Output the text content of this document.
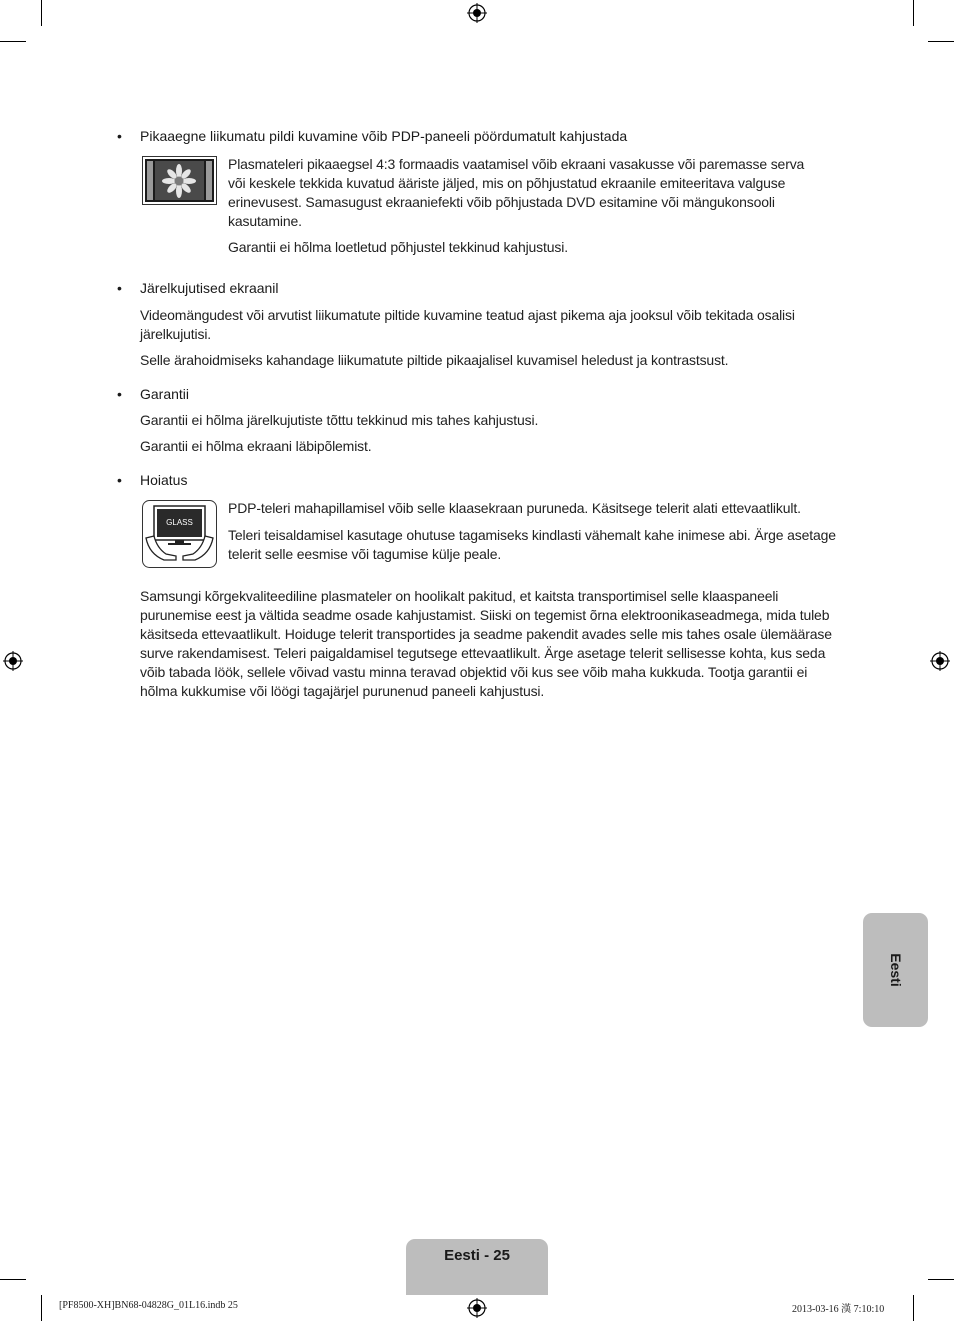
• Pikaaegne liikumatu pildi kuvamine võib PDP-paneeli pöördumatult kahjustada
Plasmateleri pikaaegsel 4:3 formaadis vaatamisel võib ekraani vasakusse või paremasse serva
või keskele tekkida kuvatud ääriste jäljed, mis on põhjustatud ekraanile emiteeritava valguse
erinevusest. Samasugust ekraaniefekti võib põhjustada DVD esitamine või mängukonsooli
kasutamine.
Garantii ei hõlma loetletud põhjustel tekkinud kahjustusi.
• Järelkujutised ekraanil
Videomängudest või arvutist liikumatute piltide kuvamine teatud ajast pikema aja jooksul võib tekitada osalisi
järelkujutisi.
Selle ärahoidmiseks kahandage liikumatute piltide pikaajalisel kuvamisel heledust ja kontrastsust.
• Garantii
Garantii ei hõlma järelkujutiste tõttu tekkinud mis tahes kahjustusi.
Garantii ei hõlma ekraani läbipõlemist.
• Hoiatus
GLASS
PDP-teleri mahapillamisel võib selle klaasekraan puruneda. Käsitsege telerit alati ettevaatlikult.
Teleri teisaldamisel kasutage ohutuse tagamiseks kindlasti vähemalt kahe inimese abi. Ärge asetage
telerit selle eesmise või tagumise külje peale.
Samsungi kõrgekvaliteediline plasmateler on hoolikalt pakitud, et kaitsta transportimisel selle klaaspaneeli
purunemise eest ja vältida seadme osade kahjustamist. Siiski on tegemist õrna elektroonikaseadmega, mida tuleb
käsitseda ettevaatlikult. Hoiduge telerit transportides ja seadme pakendit avades selle mis tahes osale ülemäärase
surve rakendamisest. Teleri paigaldamisel tegutsege ettevaatlikult. Ärge asetage telerit sellisesse kohta, kus seda
võib tabada löök, sellele võivad vastu minna teravad objektid või kus see võib maha kukkuda. Tootja garantii ei
hõlma kukkumise või löögi tagajärjel purunenud paneeli kahjustusi.
Eesti
Eesti - 25
[PF8500-XH]BN68-04828G_01L16.indb 25	2013-03-16 漢 7:10:10
